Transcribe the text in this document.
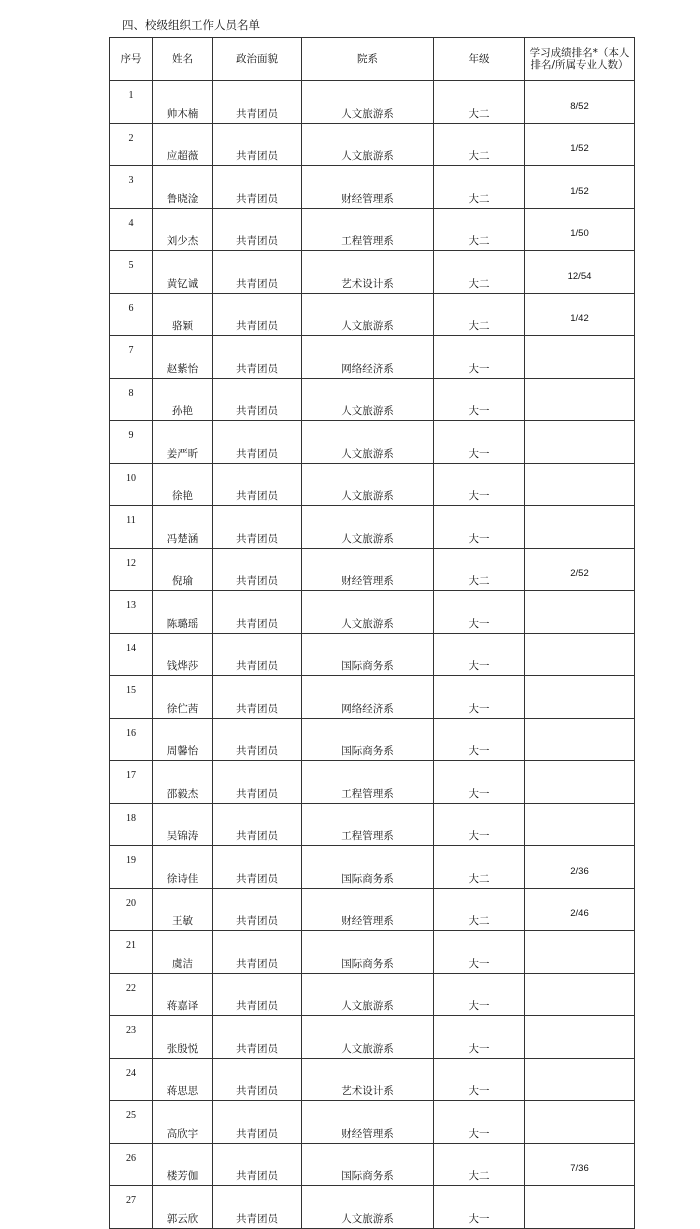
四、校级组织工作人员名单
序号	姓名	政治面貌	院系	年级	学习成绩排名*（本人排名/所属专业人数）
1	帅木楠	共青团员	人文旅游系	大二	8/52
2	应超薇	共青团员	人文旅游系	大二	1/52
3	鲁晓淦	共青团员	财经管理系	大二	1/52
4	刘少杰	共青团员	工程管理系	大二	1/50
5	黄钇诚	共青团员	艺术设计系	大二	12/54
6	骆颖	共青团员	人文旅游系	大二	1/42
7	赵紫怡	共青团员	网络经济系	大一	
8	孙艳	共青团员	人文旅游系	大一	
9	姜严昕	共青团员	人文旅游系	大一	
10	徐艳	共青团员	人文旅游系	大一	
11	冯楚涵	共青团员	人文旅游系	大一	
12	倪瑜	共青团员	财经管理系	大二	2/52
13	陈璐瑶	共青团员	人文旅游系	大一	
14	钱烨莎	共青团员	国际商务系	大一	
15	徐伫茜	共青团员	网络经济系	大一	
16	周馨怡	共青团员	国际商务系	大一	
17	邵毅杰	共青团员	工程管理系	大一	
18	吴锦涛	共青团员	工程管理系	大一	
19	徐诗佳	共青团员	国际商务系	大二	2/36
20	王敏	共青团员	财经管理系	大二	2/46
21	虞洁	共青团员	国际商务系	大一	
22	蒋嘉译	共青团员	人文旅游系	大一	
23	张殷悦	共青团员	人文旅游系	大一	
24	蒋思思	共青团员	艺术设计系	大一	
25	高欣宇	共青团员	财经管理系	大一	
26	楼芳伽	共青团员	国际商务系	大二	7/36
27	郭云欣	共青团员	人文旅游系	大一	
